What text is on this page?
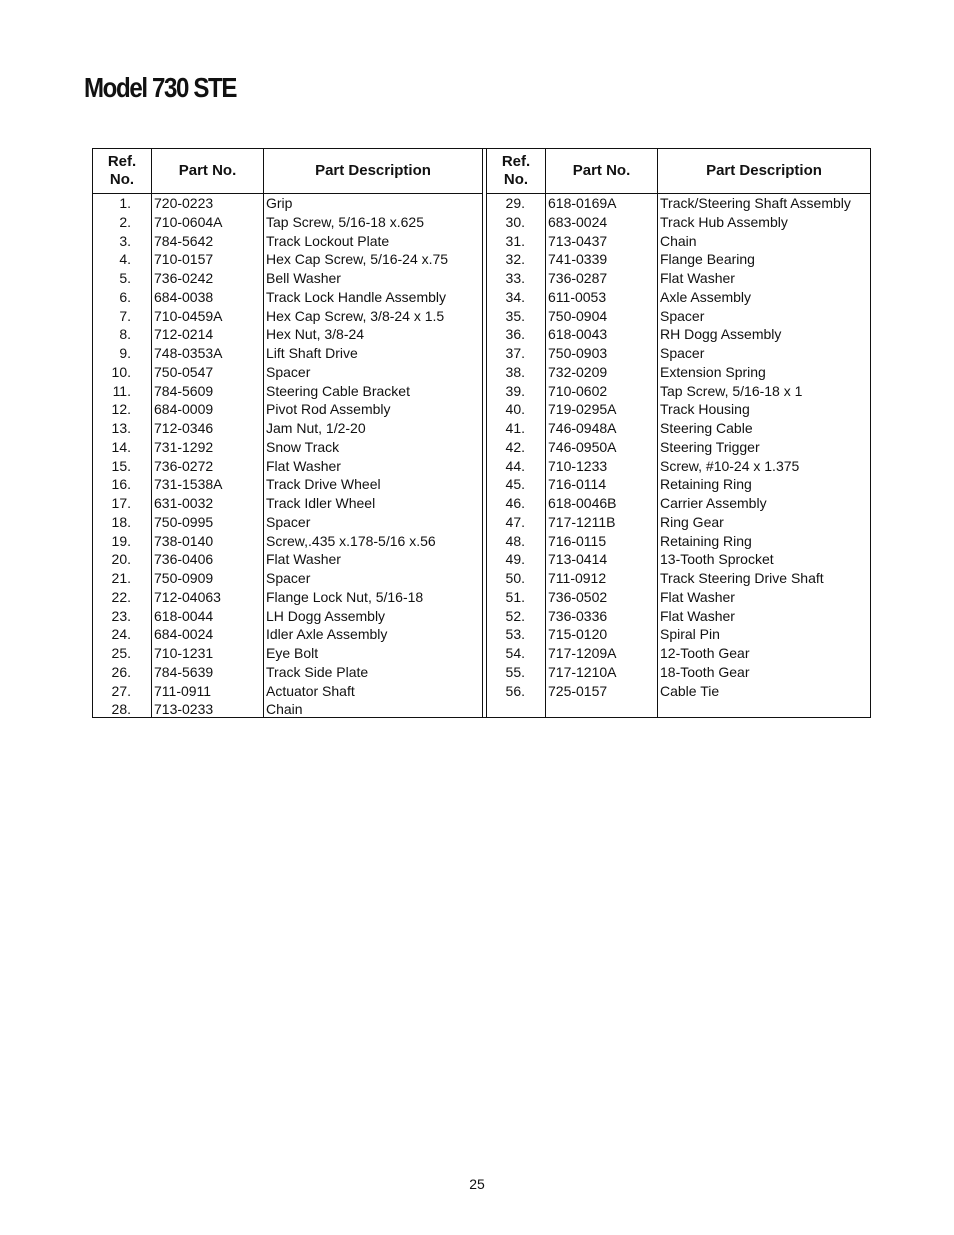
Model 730 STE
Ref.
No.
Part No.	Part Description
1.
2.
3.
4.
5.
6.
7.
8.
9.
10.
11.
12.
13.
14.
15.
16.
17.
18.
19.
20.
21.
22.
23.
24.
25.
26.
27.
28.
720-0223
710-0604A
784-5642
710-0157
736-0242
684-0038
710-0459A
712-0214
748-0353A
750-0547
784-5609
684-0009
712-0346
731-1292
736-0272
731-1538A
631-0032
750-0995
738-0140
736-0406
750-0909
712-04063
618-0044
684-0024
710-1231
784-5639
711-0911
713-0233
Grip
Tap Screw, 5/16-18 x.625
Track Lockout Plate
Hex Cap Screw, 5/16-24 x.75
Bell Washer
Track Lock Handle Assembly
Hex Cap Screw, 3/8-24 x 1.5
Hex Nut, 3/8-24
Lift Shaft Drive
Spacer
Steering Cable Bracket
Pivot Rod Assembly
Jam Nut, 1/2-20
Snow Track
Flat Washer
Track Drive Wheel
Track Idler Wheel
Spacer
Screw,.435 x.178-5/16 x.56
Flat Washer
Spacer
Flange Lock Nut, 5/16-18
LH Dogg Assembly
Idler Axle Assembly
Eye Bolt
Track Side Plate
Actuator Shaft
Chain
Ref.
No.
Part No.	Part Description
29.
30.
31.
32.
33.
34.
35.
36.
37.
38.
39.
40.
41.
42.
44.
45.
46.
47.
48.
49.
50.
51.
52.
53.
54.
55.
56.
618-0169A
683-0024
713-0437
741-0339
736-0287
611-0053
750-0904
618-0043
750-0903
732-0209
710-0602
719-0295A
746-0948A
746-0950A
710-1233
716-0114
618-0046B
717-1211B
716-0115
713-0414
711-0912
736-0502
736-0336
715-0120
717-1209A
717-1210A
725-0157
Track/Steering Shaft Assembly
Track Hub Assembly
Chain
Flange Bearing
Flat Washer
Axle Assembly
Spacer
RH Dogg Assembly
Spacer
Extension Spring
Tap Screw, 5/16-18 x 1
Track Housing
Steering Cable
Steering Trigger
Screw, #10-24 x 1.375
Retaining Ring
Carrier Assembly
Ring Gear
Retaining Ring
13-Tooth Sprocket
Track Steering Drive Shaft
Flat Washer
Flat Washer
Spiral Pin
12-Tooth Gear
18-Tooth Gear
Cable Tie
25
